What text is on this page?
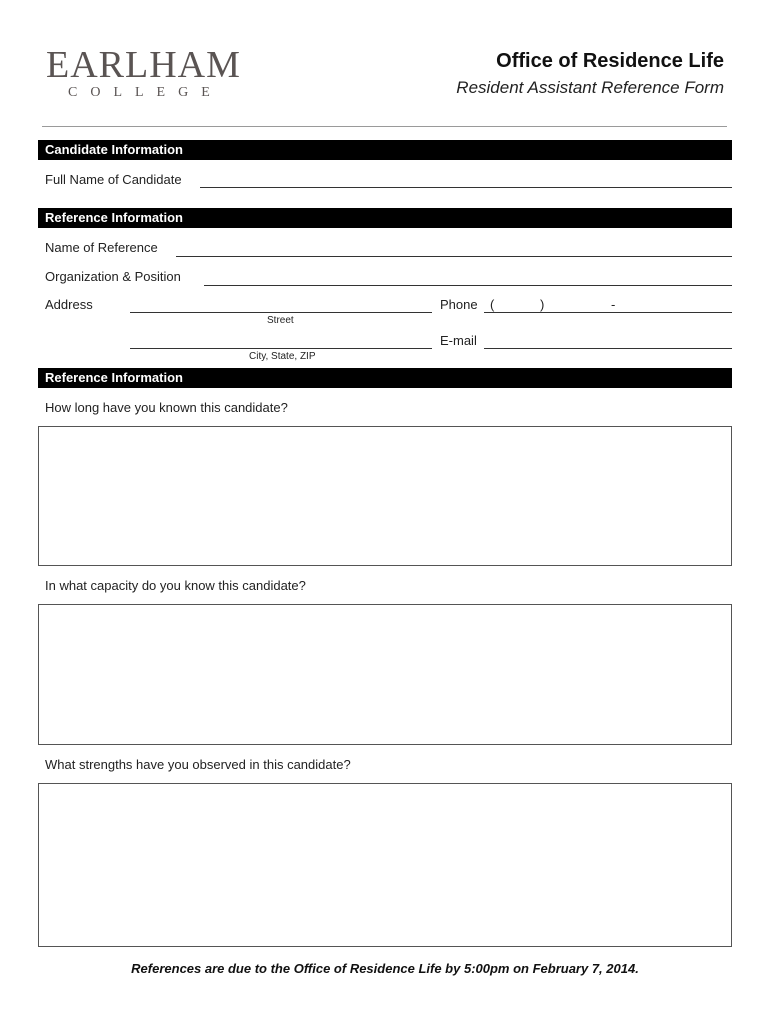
EARLHAM
COLLEGE
Office of Residence Life
Resident Assistant Reference Form
Candidate Information
Full Name of Candidate
Reference Information
Name of Reference
Organization & Position
Address
Street
Phone (	)	-
City, State, ZIP
E-mail
Reference Information
How long have you known this candidate?
In what capacity do you know this candidate?
What strengths have you observed in this candidate?
References are due to the Office of Residence Life by 5:00pm on February 7, 2014.
